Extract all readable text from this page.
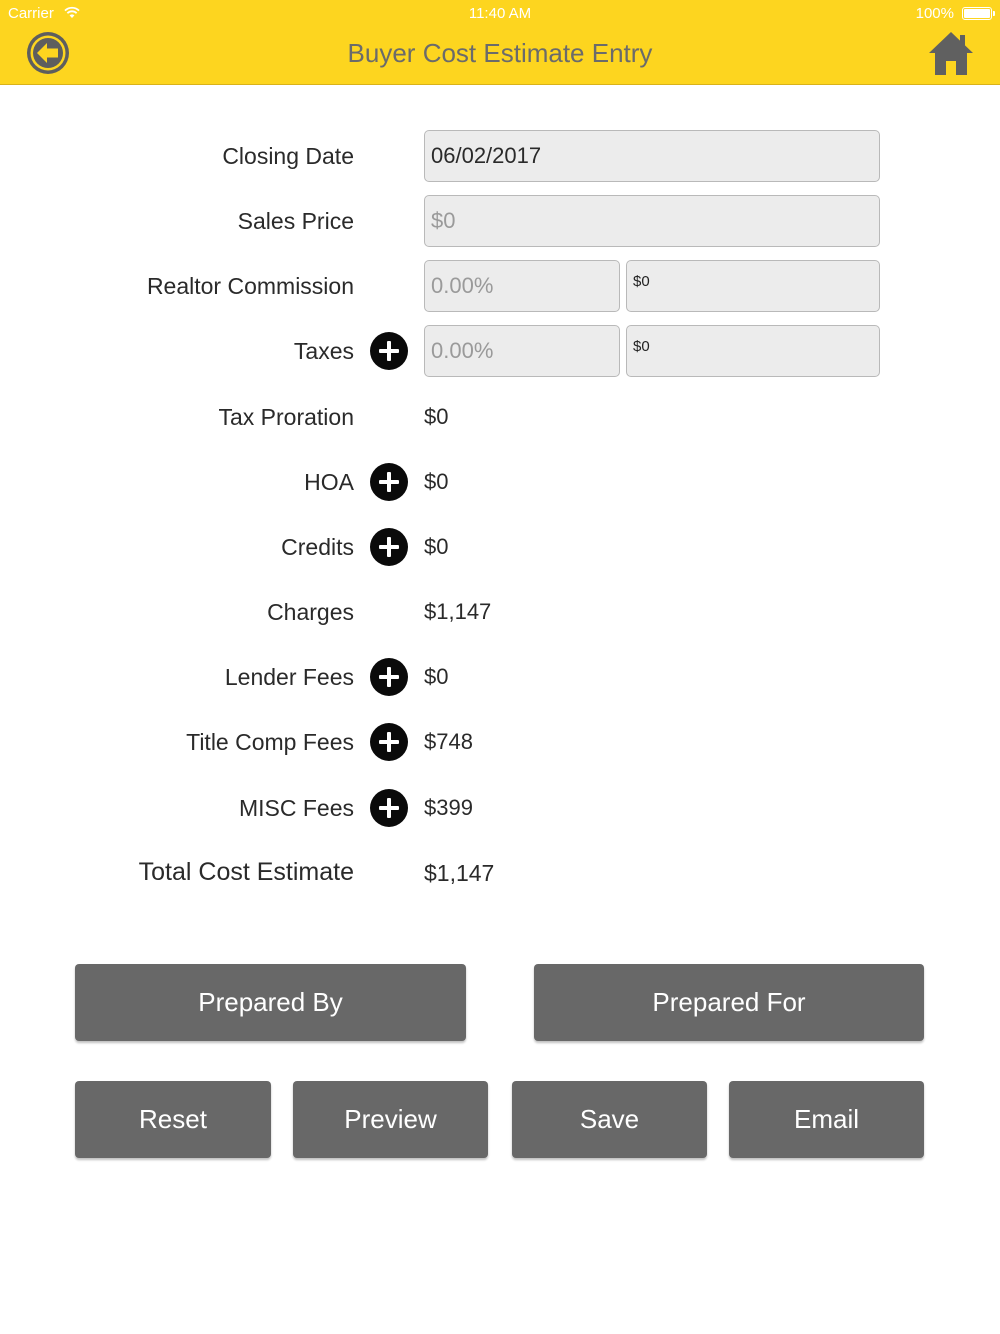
Carrier	11:40 AM	100%
Buyer Cost Estimate Entry
Closing Date	06/02/2017
Sales Price	$0
Realtor Commission	0.00%	$0
Taxes	0.00%	$0
Tax Proration	$0
HOA	$0
Credits	$0
Charges	$1,147
Lender Fees	$0
Title Comp Fees	$748
MISC Fees	$399
Total Cost Estimate	$1,147
Prepared By	Prepared For
Reset	Preview	Save	Email
